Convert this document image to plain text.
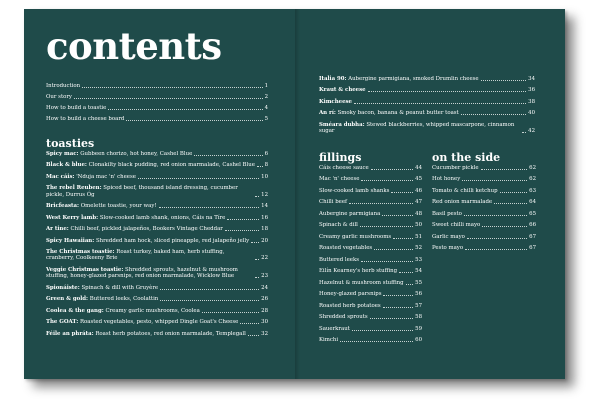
contents
Introduction	1
Our story	2
How to build a toastie	4
How to build a cheese board	5
toasties
Spicy mac: Gubbeen chorizo, hot honey, Cashel Blue	6
Black & blue: Clonakilty black pudding, red onion marmalade, Cashel Blue 8
Mac cáis: 'Nduja mac 'n' cheese	10
The rebel Reuben: Spiced beef, thousand island dressing, cucumber pickle, Durrus Óg	12
Bricfeasta: Omelette toastie, your way!	14
West Kerry lamb: Slow-cooked lamb shank, onions, Cáis na Tíre	16
Ar tine: Chilli beef, pickled jalapeños, Bookers Vintage Cheddar	18
Spicy Hawaiian: Shredded ham hock, sliced pineapple, red jalapeño jelly 20
The Christmas toastie: Roast turkey, baked ham, herb stuffing, cranberry, Coolkeeny Brie	22
Veggie Christmas toastie: Shredded sprouts, hazelnut & mushroom stuffing, honey-glazed parsnips, red onion marmalade, Wicklow Blue	23
Spionáiste: Spinach & dill with Gruyère	24
Green & gold: Buttered leeks, Coolattin	26
Coolea & the gang: Creamy garlic mushrooms, Coolea	28
The GOAT: Roasted vegetables, pesto, whipped Dingle Goat's Cheese	30
Féile an phráta: Roast herb potatoes, red onion marmalade, Templegall	32
Italia 90: Aubergine parmigiana, smoked Drumlin cheese	34
Kraut & cheese	36
Kimcheese	38
An rí: Smoky bacon, banana & peanut butter toast	40
Sméara dubha: Stewed blackberries, whipped mascarpone, cinnamon sugar	42
fillings
Cáis cheese sauce	44
Mac 'n' cheese	45
Slow-cooked lamb shanks	46
Chilli beef	47
Aubergine parmigiana	48
Spinach & dill	50
Creamy garlic mushrooms	51
Roasted vegetables	52
Buttered leeks	53
Eilín Kearney's herb stuffing	54
Hazelnut & mushroom stuffing 55
Honey-glazed parsnips	56
Roasted herb potatoes	57
Shredded sprouts	58
Sauerkraut	59
Kimchi	60
on the side
Cucumber pickle	62
Hot honey	62
Tomato & chilli ketchup	63
Red onion marmalade	64
Basil pesto	65
Sweet chilli mayo	66
Garlic mayo	67
Pesto mayo	67
